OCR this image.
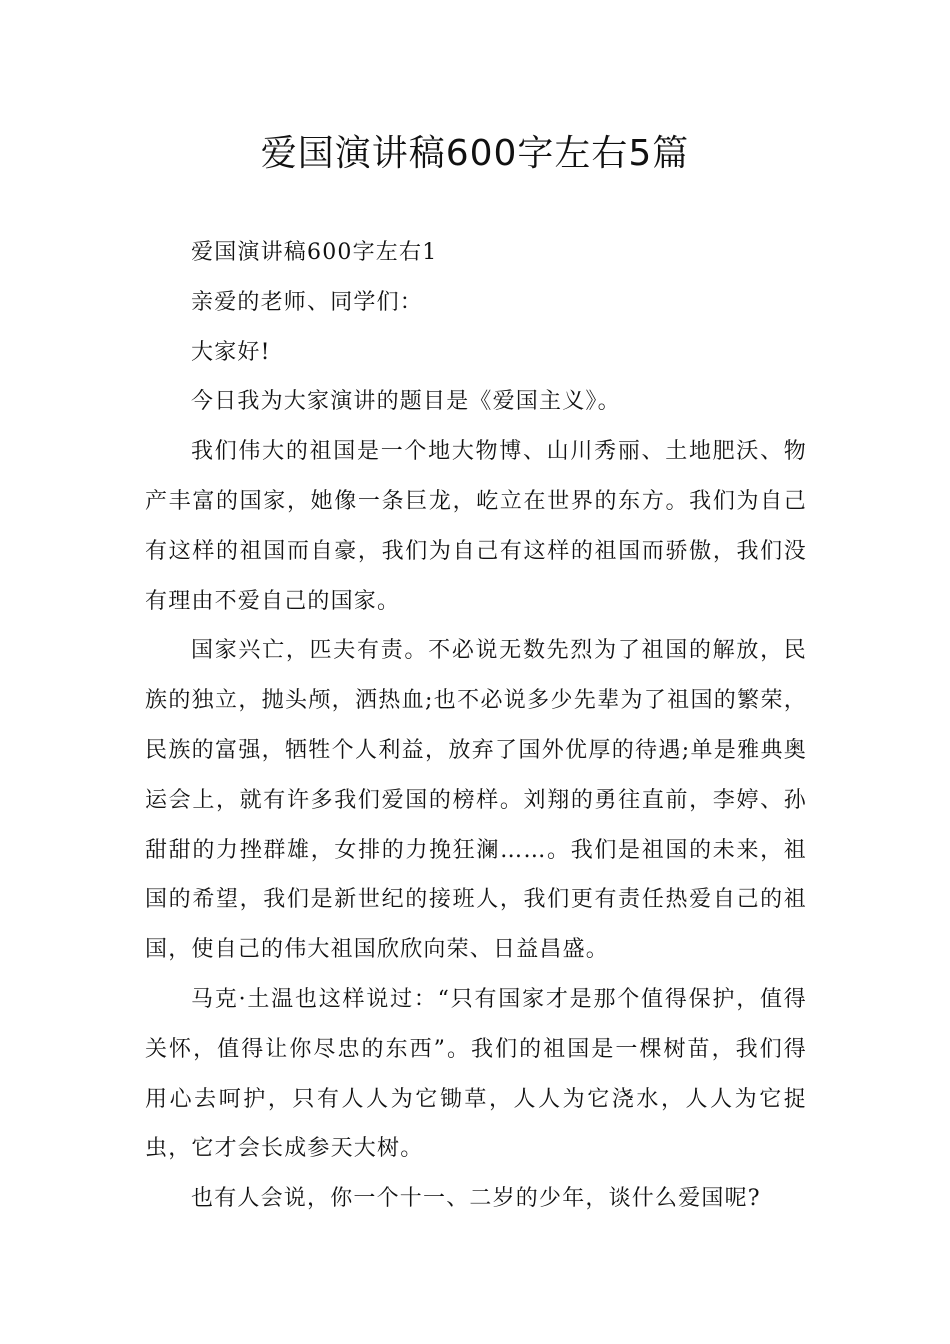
爱国演讲稿600字左右5篇

爱国演讲稿600字左右1

亲爱的老师、同学们：

大家好!

今日我为大家演讲的题目是《爱国主义》。

我们伟大的祖国是一个地大物博、山川秀丽、土地肥沃、物产丰富的国家，她像一条巨龙，屹立在世界的东方。我们为自己有这样的祖国而自豪，我们为自己有这样的祖国而骄傲，我们没有理由不爱自己的国家。

国家兴亡，匹夫有责。不必说无数先烈为了祖国的解放，民族的独立，抛头颅，洒热血;也不必说多少先辈为了祖国的繁荣，民族的富强，牺牲个人利益，放弃了国外优厚的待遇;单是雅典奥运会上，就有许多我们爱国的榜样。刘翔的勇往直前，李婷、孙甜甜的力挫群雄，女排的力挽狂澜……。我们是祖国的未来，祖国的希望，我们是新世纪的接班人，我们更有责任热爱自己的祖国，使自己的伟大祖国欣欣向荣、日益昌盛。

马克·土温也这样说过：“只有国家才是那个值得保护，值得关怀，值得让你尽忠的东西”。我们的祖国是一棵树苗，我们得用心去呵护，只有人人为它锄草，人人为它浇水，人人为它捉虫，它才会长成参天大树。

也有人会说，你一个十一、二岁的少年，谈什么爱国呢?
